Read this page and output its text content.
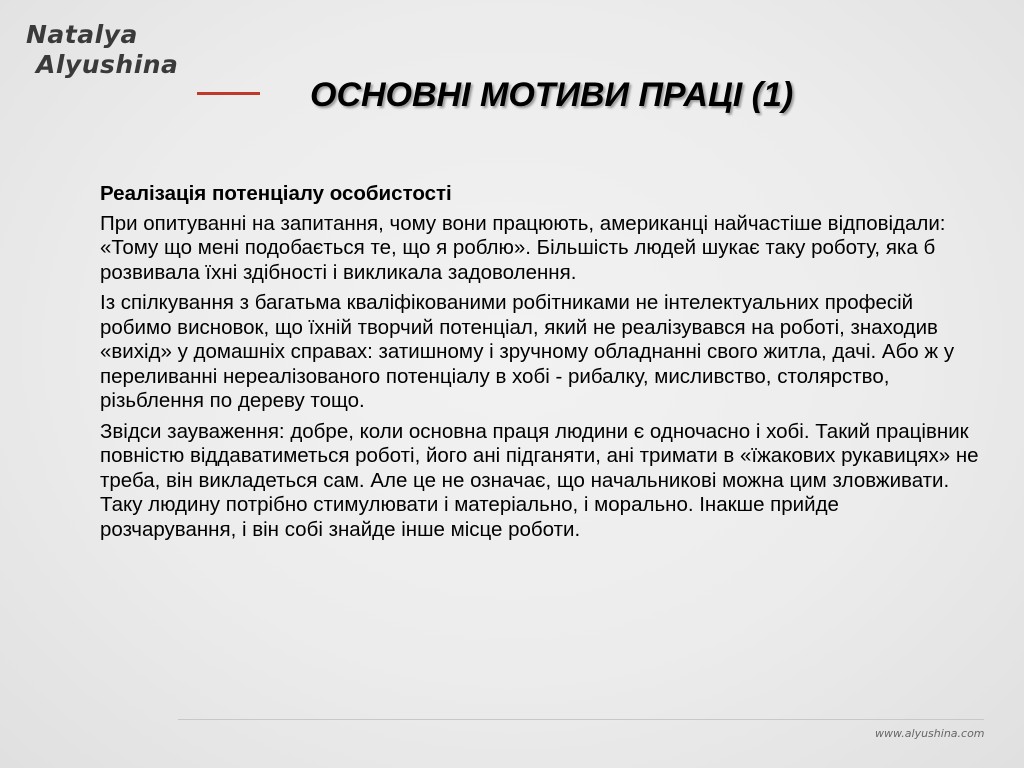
Natalya
Alyushina
ОСНОВНІ МОТИВИ ПРАЦІ (1)

Реалізація потенціалу особистості

При опитуванні на запитання, чому вони працюють, американці найчастіше відповідали: «Тому що мені подобається те, що я роблю». Більшість людей шукає таку роботу, яка б розвивала їхні здібності і викликала задоволення.

Із спілкування з багатьма кваліфікованими робітниками не інтелектуальних професій робимо висновок, що їхній творчий потенціал, який не реалізувався на роботі, знаходив «вихід» у домашніх справах: затишному і зручному обладнанні свого житла, дачі. Або ж у переливанні нереалізованого потенціалу в хобі - рибалку, мисливство, столярство, різьблення по дереву тощо.

Звідси зауваження: добре, коли основна праця людини є одночасно і хобі. Такий працівник повністю віддаватиметься роботі, його ані підганяти, ані тримати в «їжакових рукавицях» не треба, він викладеться сам. Але це не означає, що начальникові можна цим зловживати. Таку людину потрібно стимулювати і матеріально, і морально. Інакше прийде розчарування, і він собі знайде інше місце роботи.

www.alyushina.com
